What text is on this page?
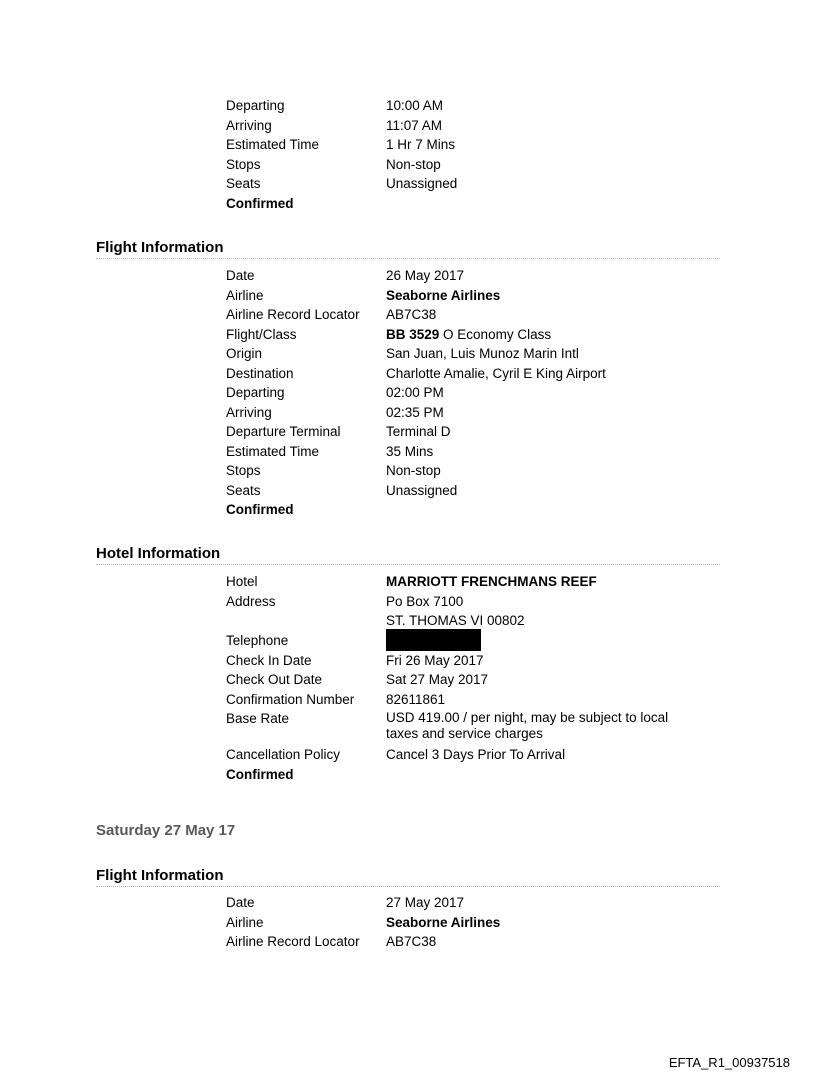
Departing	10:00 AM
Arriving	11:07 AM
Estimated Time	1 Hr 7 Mins
Stops	Non-stop
Seats	Unassigned
Confirmed
Flight Information
Date	26 May 2017
Airline	Seaborne Airlines
Airline Record Locator	AB7C38
Flight/Class	BB 3529 O Economy Class
Origin	San Juan, Luis Munoz Marin Intl
Destination	Charlotte Amalie, Cyril E King Airport
Departing	02:00 PM
Arriving	02:35 PM
Departure Terminal	Terminal D
Estimated Time	35 Mins
Stops	Non-stop
Seats	Unassigned
Confirmed
Hotel Information
Hotel	MARRIOTT FRENCHMANS REEF
Address	Po Box 7100
ST. THOMAS VI 00802
Telephone
Check In Date	Fri 26 May 2017
Check Out Date	Sat 27 May 2017
Confirmation Number	82611861
Base Rate	USD 419.00 / per night, may be subject to local taxes and service charges
Cancellation Policy	Cancel 3 Days Prior To Arrival
Confirmed
Saturday 27 May 17
Flight Information
Date	27 May 2017
Airline	Seaborne Airlines
Airline Record Locator	AB7C38
EFTA_R1_00937518
